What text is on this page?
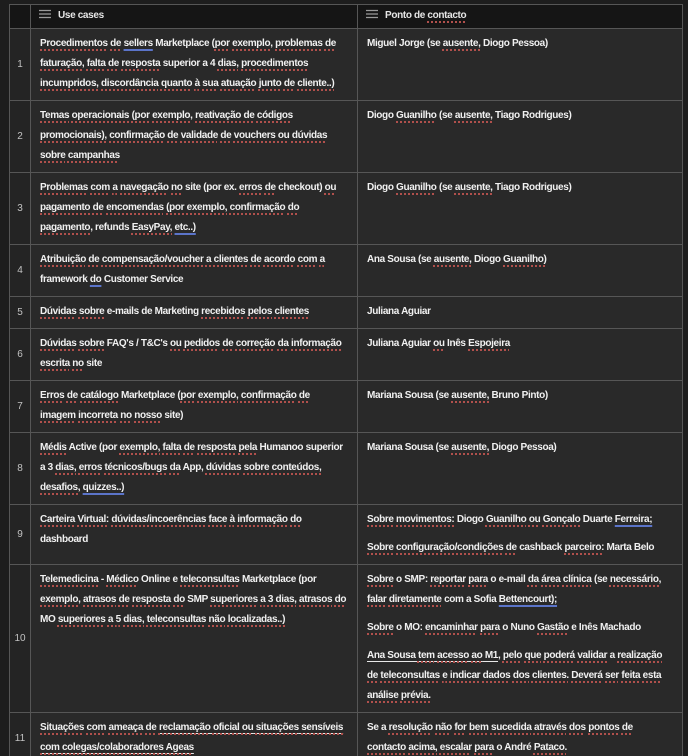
	Use cases	Ponto de contacto
1	Procedimentos de sellers Marketplace (por exemplo, problemas de faturação, falta de resposta superior a 4 dias, procedimentos incumpridos, discordância quanto à sua atuação junto de cliente..)	Miguel Jorge (se ausente, Diogo Pessoa)

2	Temas operacionais (por exemplo, reativação de códigos promocionais), confirmação de validade de vouchers ou dúvidas sobre campanhas	Diogo Guanilho (se ausente, Tiago Rodrigues)

3	Problemas com a navegação no site (por ex. erros de checkout) ou pagamento de encomendas (por exemplo, confirmação do pagamento, refunds EasyPay, etc..)	Diogo Guanilho (se ausente, Tiago Rodrigues)

4	Atribuição de compensação/voucher a clientes de acordo com a framework do Customer Service	Ana Sousa (se ausente, Diogo Guanilho)

5	Dúvidas sobre e-mails de Marketing recebidos pelos clientes	Juliana Aguiar

6	Dúvidas sobre FAQ's / T&C's ou pedidos de correção da informação escrita no site	Juliana Aguiar ou Inês Espojeira

7	Erros de catálogo Marketplace (por exemplo, confirmação de imagem incorreta no nosso site)	Mariana Sousa (se ausente, Bruno Pinto)

8	Médis Active (por exemplo, falta de resposta pela Humanoo superior a 3 dias, erros técnicos/bugs da App, dúvidas sobre conteúdos, desafios, quizzes..)	Mariana Sousa (se ausente, Diogo Pessoa)

9	Carteira Virtual: dúvidas/incoerências face à informação do dashboard	Sobre movimentos: Diogo Guanilho ou Gonçalo Duarte Ferreira;

Sobre configuração/condições de cashback parceiro: Marta Belo

10	Telemedicina - Médico Online e teleconsultas Marketplace (por exemplo, atrasos de resposta do SMP superiores a 3 dias, atrasos do MO superiores a 5 dias, teleconsultas não localizadas..)	Sobre o SMP: reportar para o e-mail da área clínica (se necessário, falar diretamente com a Sofia Bettencourt);

Sobre o MO: encaminhar para o Nuno Gastão e Inês Machado

Ana Sousa tem acesso ao M1, pelo que poderá validar a realização de teleconsultas e indicar dados dos clientes. Deverá ser feita esta análise prévia.

11	Situações com ameaça de reclamação oficial ou situações sensíveis com colegas/colaboradores Ageas	Se a resolução não for bem sucedida através dos pontos de contacto acima, escalar para o André Pataco.
